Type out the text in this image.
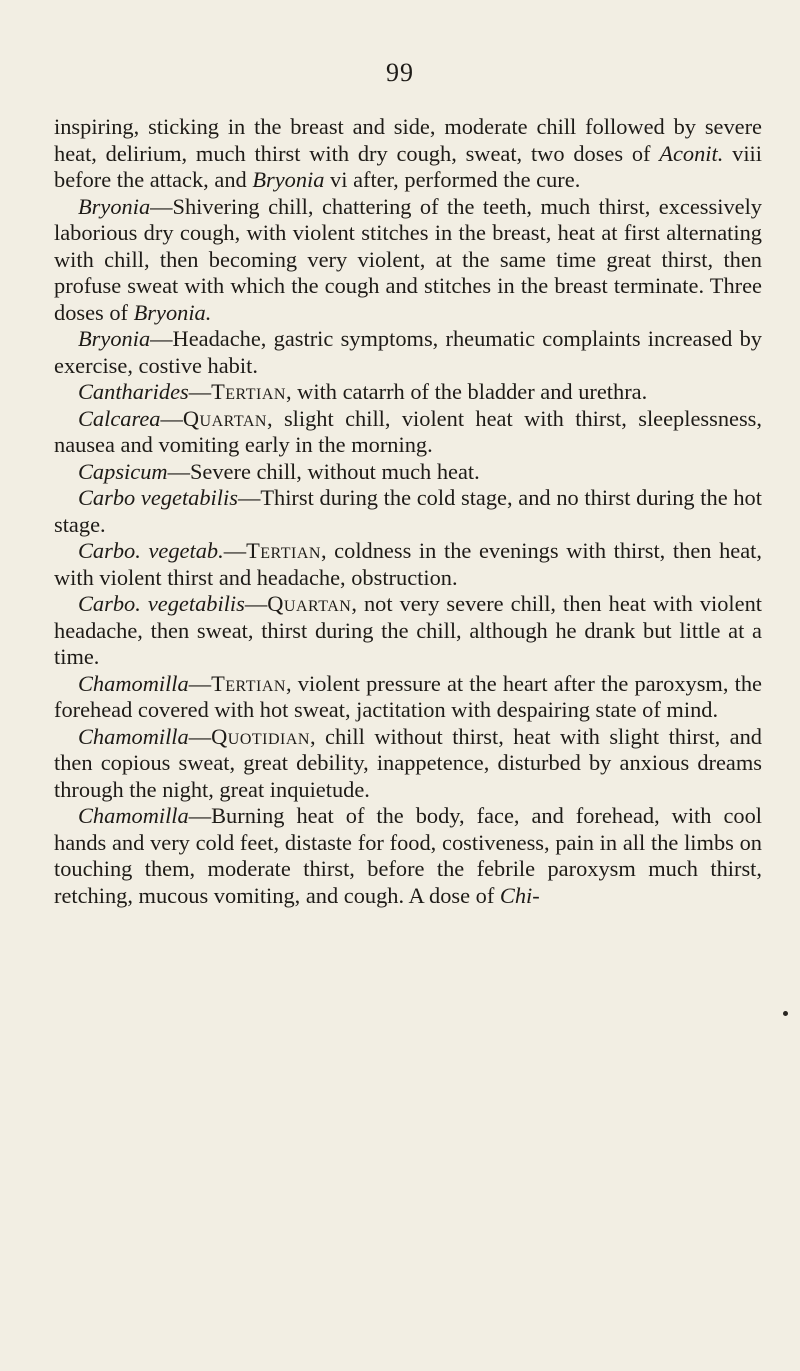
99

inspiring, sticking in the breast and side, moderate chill followed by severe heat, delirium, much thirst with dry cough, sweat, two doses of Aconit. viii before the attack, and Bryonia vi after, performed the cure.

Bryonia—Shivering chill, chattering of the teeth, much thirst, excessively laborious dry cough, with violent stitches in the breast, heat at first alternating with chill, then becoming very violent, at the same time great thirst, then profuse sweat with which the cough and stitches in the breast terminate. Three doses of Bryonia.

Bryonia—Headache, gastric symptoms, rheumatic complaints increased by exercise, costive habit.

Cantharides—Tertian, with catarrh of the bladder and urethra.

Calcarea—Quartan, slight chill, violent heat with thirst, sleeplessness, nausea and vomiting early in the morning.

Capsicum—Severe chill, without much heat.

Carbo vegetabilis—Thirst during the cold stage, and no thirst during the hot stage.

Carbo. vegetab.—Tertian, coldness in the evenings with thirst, then heat, with violent thirst and headache, obstruction.

Carbo. vegetabilis—Quartan, not very severe chill, then heat with violent headache, then sweat, thirst during the chill, although he drank but little at a time.

Chamomilla—Tertian, violent pressure at the heart after the paroxysm, the forehead covered with hot sweat, jactitation with despairing state of mind.

Chamomilla—Quotidian, chill without thirst, heat with slight thirst, and then copious sweat, great debility, inappetence, disturbed by anxious dreams through the night, great inquietude.

Chamomilla—Burning heat of the body, face, and forehead, with cool hands and very cold feet, distaste for food, costiveness, pain in all the limbs on touching them, moderate thirst, before the febrile paroxysm much thirst, retching, mucous vomiting, and cough. A dose of Chi-
